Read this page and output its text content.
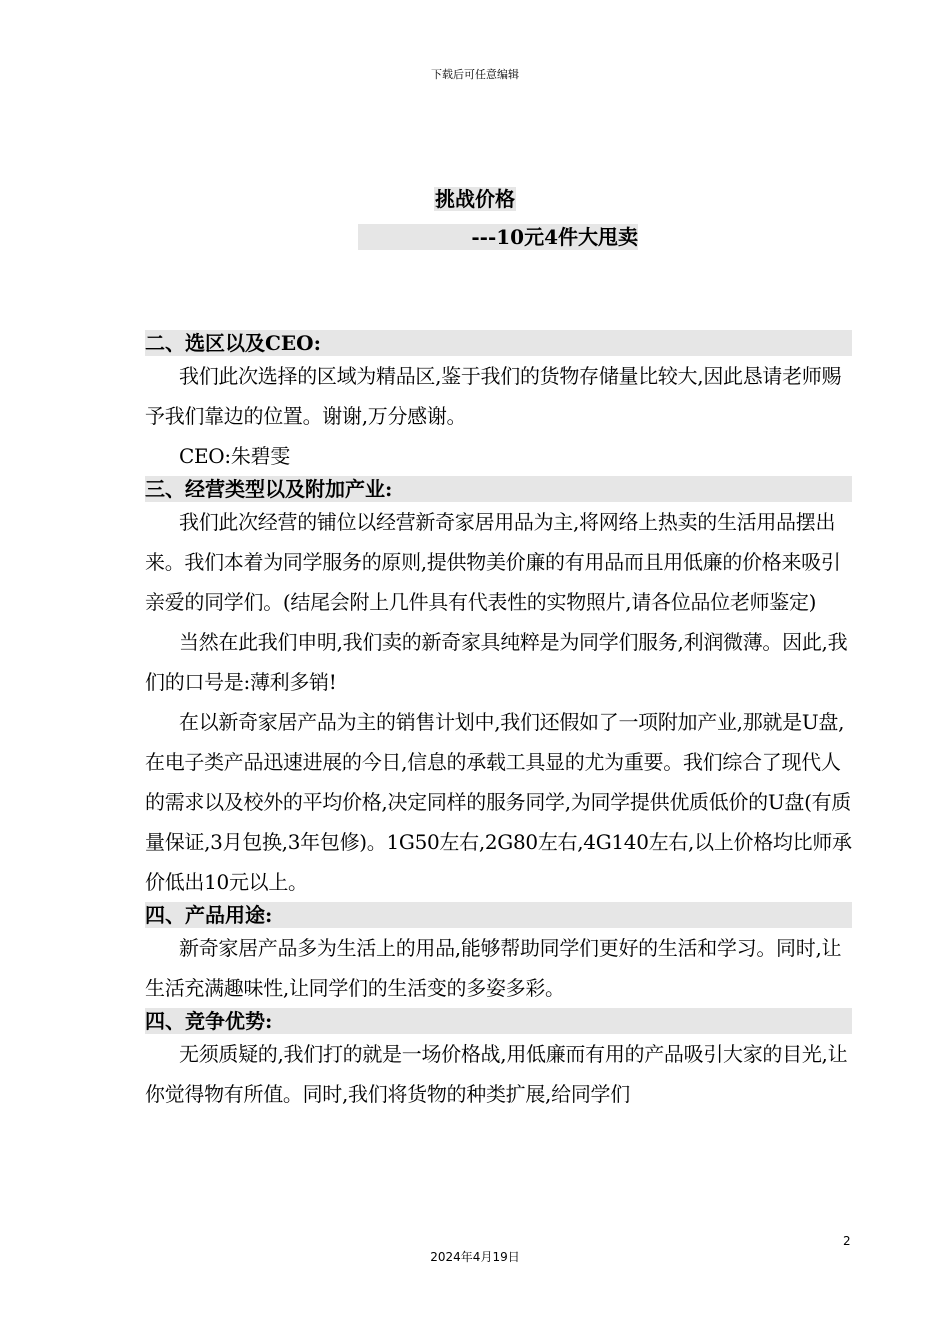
下载后可任意编辑
挑战价格
---10元4件大甩卖
二、选区以及CEO:

我们此次选择的区域为精品区,鉴于我们的货物存储量比较大,因此恳请老师赐予我们靠边的位置。谢谢,万分感谢。

CEO:朱碧雯

三、经营类型以及附加产业:

我们此次经营的铺位以经营新奇家居用品为主,将网络上热卖的生活用品摆出来。我们本着为同学服务的原则,提供物美价廉的有用品而且用低廉的价格来吸引亲爱的同学们。(结尾会附上几件具有代表性的实物照片,请各位品位老师鉴定)

当然在此我们申明,我们卖的新奇家具纯粹是为同学们服务,利润微薄。因此,我们的口号是:薄利多销!

在以新奇家居产品为主的销售计划中,我们还假如了一项附加产业,那就是U盘,在电子类产品迅速进展的今日,信息的承载工具显的尤为重要。我们综合了现代人的需求以及校外的平均价格,决定同样的服务同学,为同学提供优质低价的U盘(有质量保证,3月包换,3年包修)。1G50左右,2G80左右,4G140左右,以上价格均比师承价低出10元以上。

四、产品用途:

新奇家居产品多为生活上的用品,能够帮助同学们更好的生活和学习。同时,让生活充满趣味性,让同学们的生活变的多姿多彩。

四、竞争优势:

无须质疑的,我们打的就是一场价格战,用低廉而有用的产品吸引大家的目光,让你觉得物有所值。同时,我们将货物的种类扩展,给同学们

2
2024年4月19日
